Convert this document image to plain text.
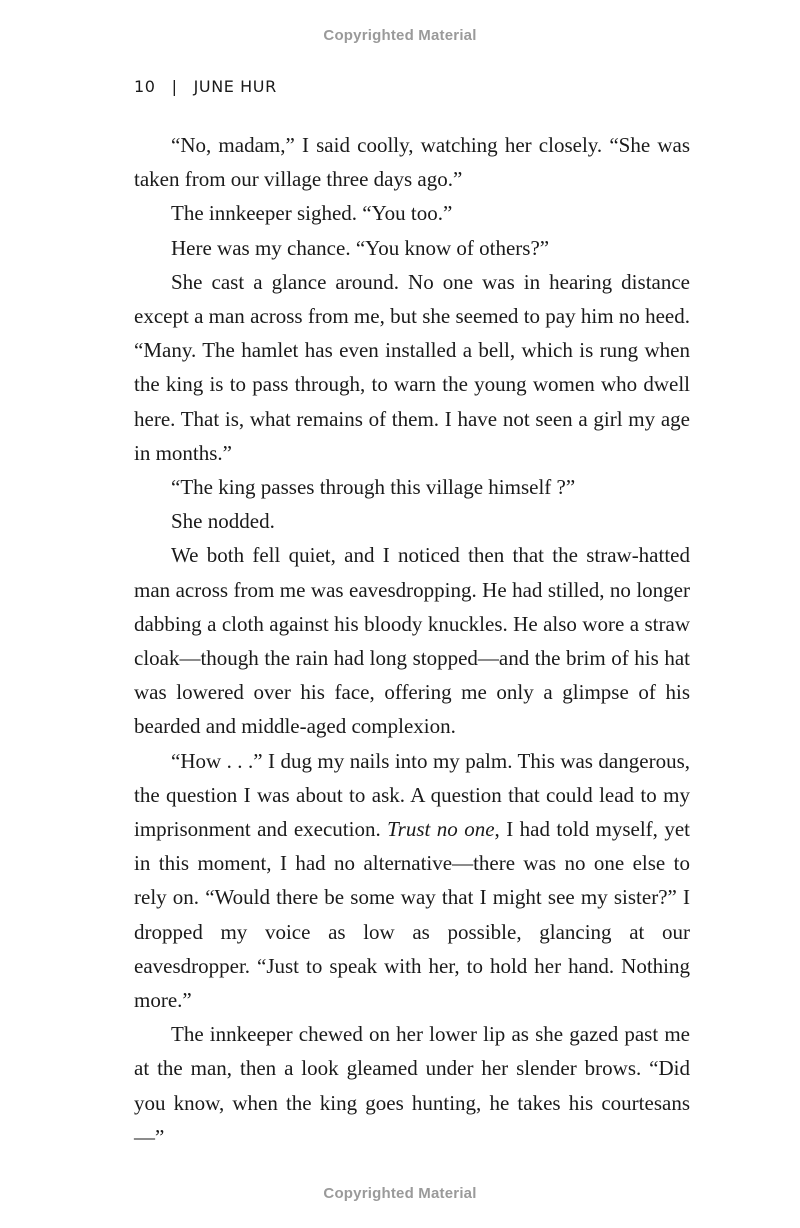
Copyrighted Material
10 | JUNE HUR

“No, madam,” I said coolly, watching her closely. “She was taken from our village three days ago.”

The innkeeper sighed. “You too.”

Here was my chance. “You know of others?”

She cast a glance around. No one was in hearing distance except a man across from me, but she seemed to pay him no heed. “Many. The hamlet has even installed a bell, which is rung when the king is to pass through, to warn the young women who dwell here. That is, what remains of them. I have not seen a girl my age in months.”

“The king passes through this village himself ?”

She nodded.

We both fell quiet, and I noticed then that the straw-hatted man across from me was eavesdropping. He had stilled, no longer dabbing a cloth against his bloody knuckles. He also wore a straw cloak—though the rain had long stopped—and the brim of his hat was lowered over his face, offering me only a glimpse of his bearded and middle-aged complexion.

“How . . .” I dug my nails into my palm. This was dangerous, the question I was about to ask. A question that could lead to my imprisonment and execution. Trust no one, I had told myself, yet in this moment, I had no alternative—there was no one else to rely on. “Would there be some way that I might see my sister?” I dropped my voice as low as possible, glancing at our eavesdropper. “Just to speak with her, to hold her hand. Nothing more.”

The innkeeper chewed on her lower lip as she gazed past me at the man, then a look gleamed under her slender brows. “Did you know, when the king goes hunting, he takes his courtesans—”

Copyrighted Material
